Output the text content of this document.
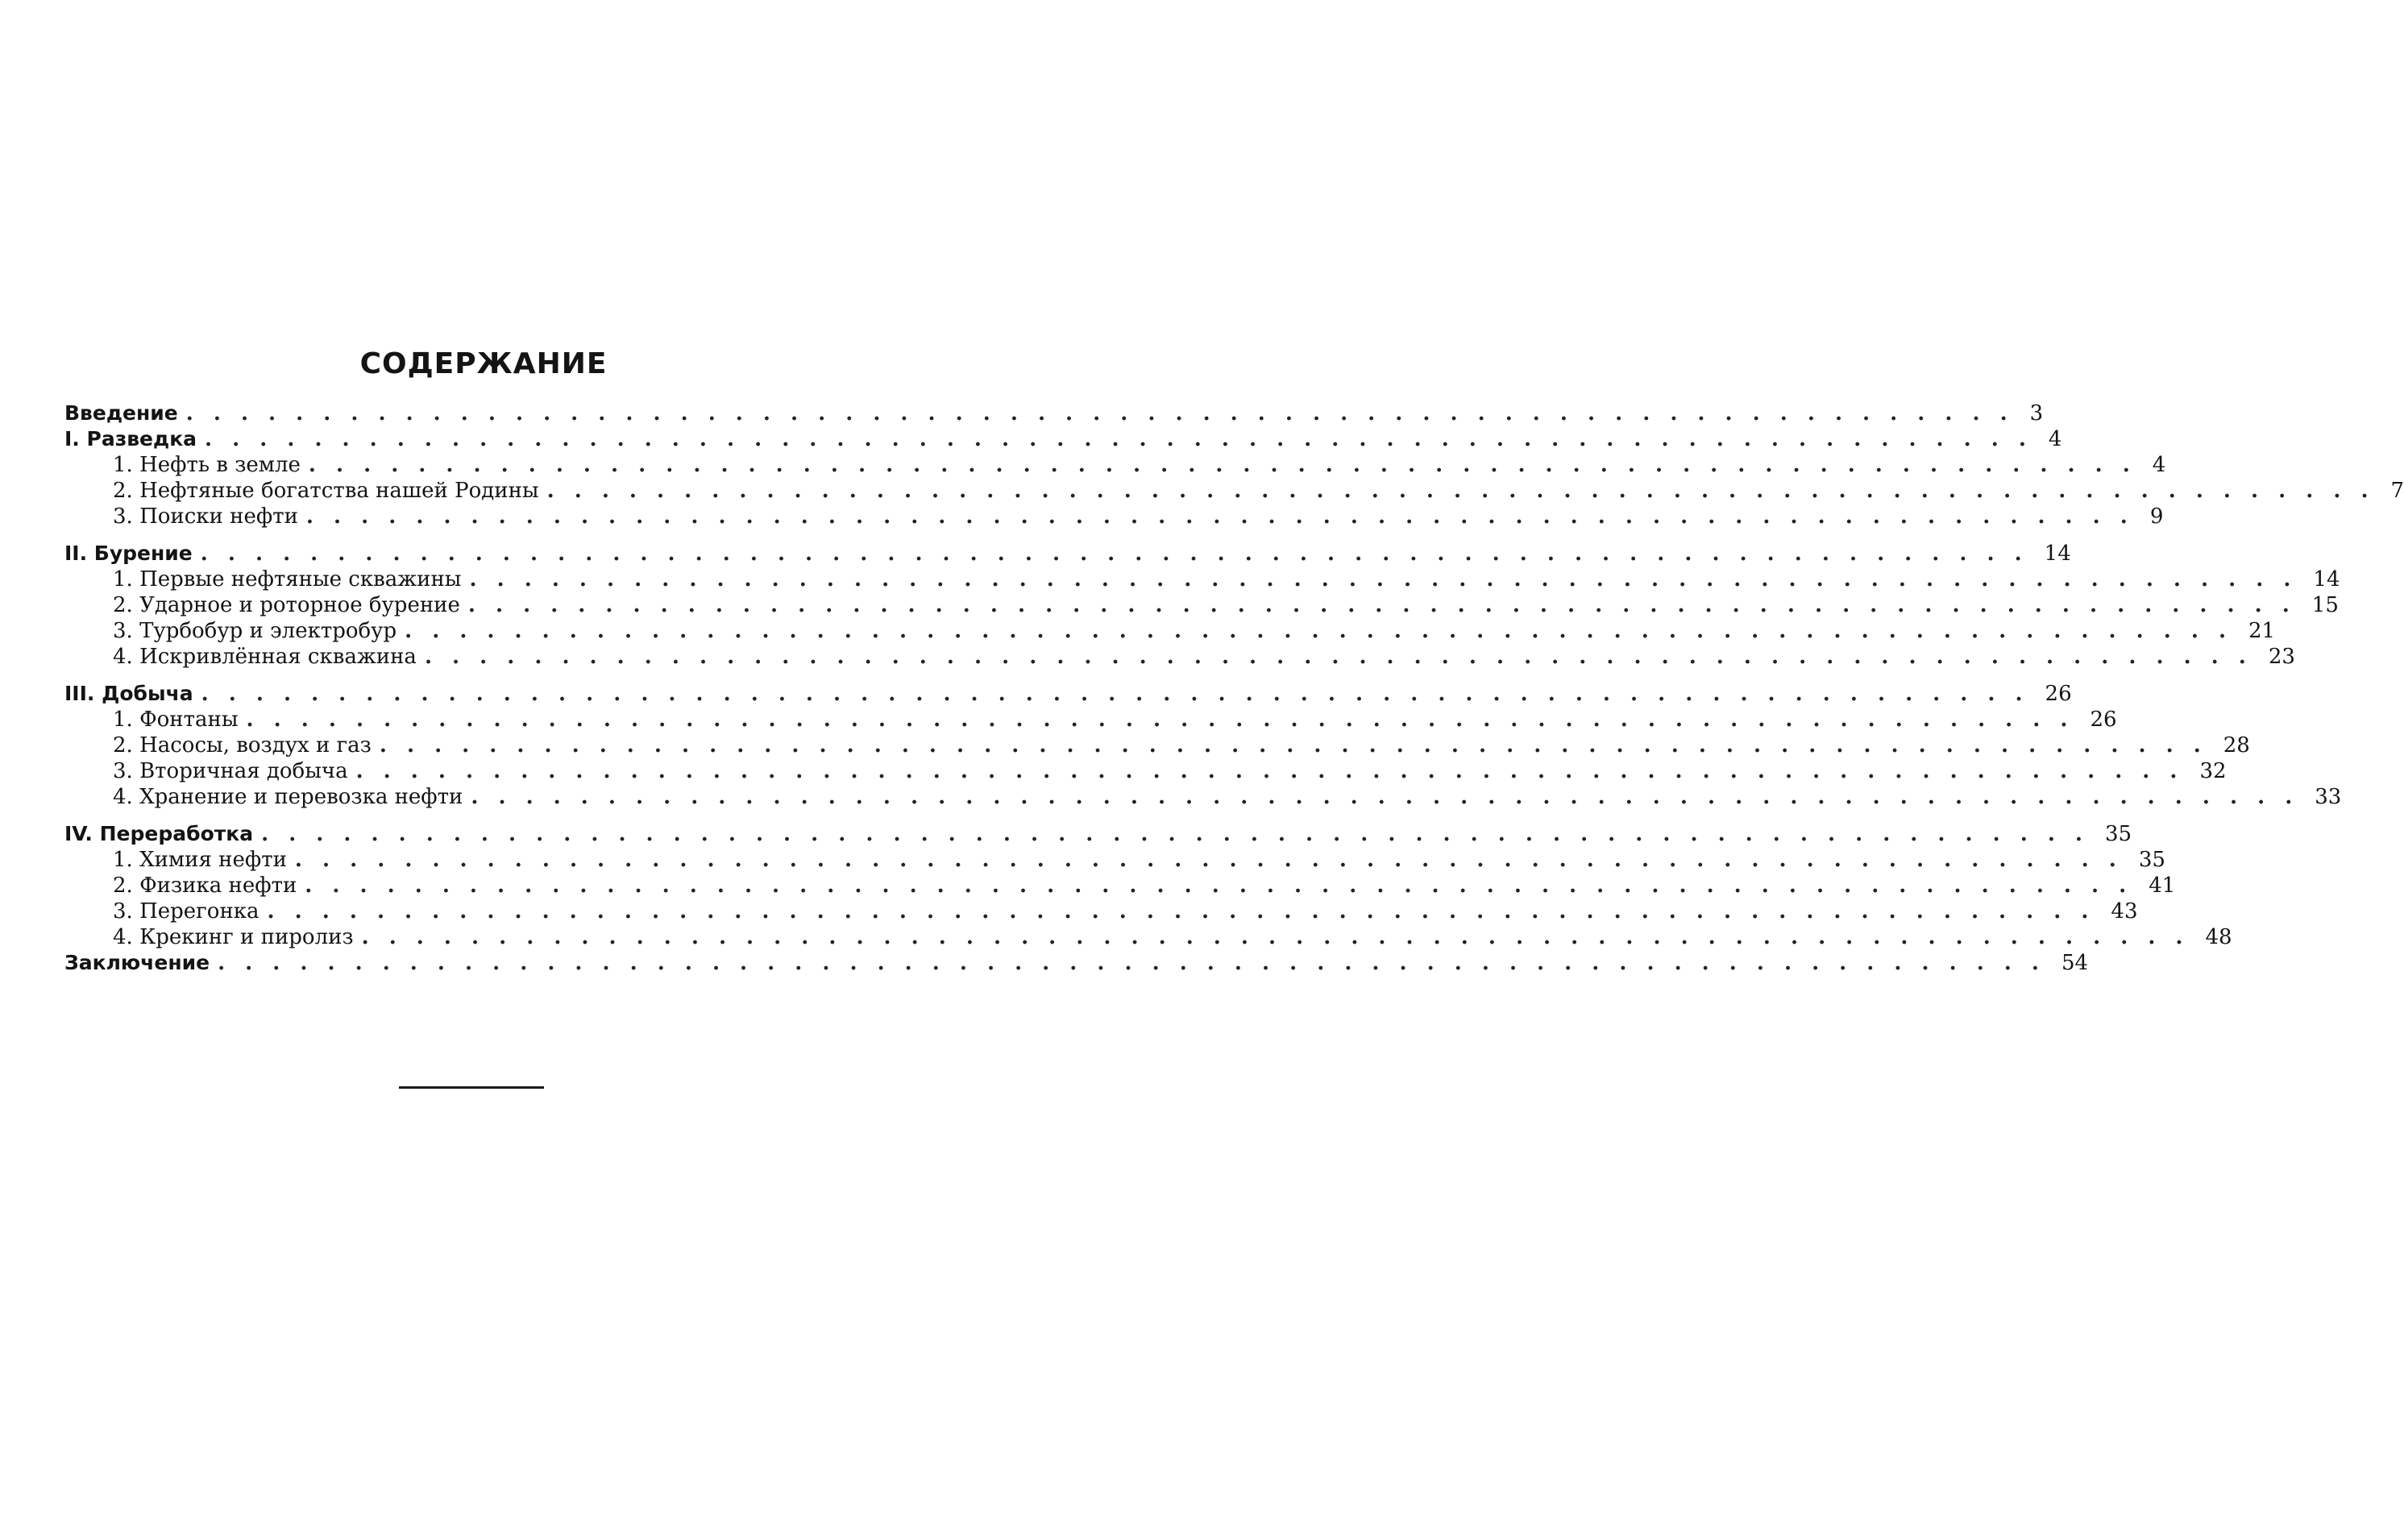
СОДЕРЖАНИЕ
Введение . . . . . . . . . . . . . . . . . . . . . . . . . . . . . . . . . . . . . . . . . . . . . . . . . . . . . . . . . . . . . . . . . . . 3
I. Разведка . . . . . . . . . . . . . . . . . . . . . . . . . . . . . . . . . . . . . . . . . . . . . . . . . . . . . . . . . . . . . . . . . . . 4
1. Нефть в земле . . . . . . . . . . . . . . . . . . . . . . . . . . . . . . . . . . . . . . . . . . . . . . . . . . . . . . . . . . . . . . . . . . . 4
2. Нефтяные богатства нашей Родины . . . . . . . . . . . . . . . . . . . . . . . . . . . . . . . . . . . . . . . . . . . . . . . . . . . . . . . . . . . . . . . . . . . 7
3. Поиски нефти . . . . . . . . . . . . . . . . . . . . . . . . . . . . . . . . . . . . . . . . . . . . . . . . . . . . . . . . . . . . . . . . . . . 9
II. Бурение . . . . . . . . . . . . . . . . . . . . . . . . . . . . . . . . . . . . . . . . . . . . . . . . . . . . . . . . . . . . . . . . . . . 14
1. Первые нефтяные скважины . . . . . . . . . . . . . . . . . . . . . . . . . . . . . . . . . . . . . . . . . . . . . . . . . . . . . . . . . . . . . . . . . . . 14
2. Ударное и роторное бурение . . . . . . . . . . . . . . . . . . . . . . . . . . . . . . . . . . . . . . . . . . . . . . . . . . . . . . . . . . . . . . . . . . . 15
3. Турбобур и электробур . . . . . . . . . . . . . . . . . . . . . . . . . . . . . . . . . . . . . . . . . . . . . . . . . . . . . . . . . . . . . . . . . . . 21
4. Искривлённая скважина . . . . . . . . . . . . . . . . . . . . . . . . . . . . . . . . . . . . . . . . . . . . . . . . . . . . . . . . . . . . . . . . . . . 23
III. Добыча . . . . . . . . . . . . . . . . . . . . . . . . . . . . . . . . . . . . . . . . . . . . . . . . . . . . . . . . . . . . . . . . . . . 26
1. Фонтаны . . . . . . . . . . . . . . . . . . . . . . . . . . . . . . . . . . . . . . . . . . . . . . . . . . . . . . . . . . . . . . . . . . . 26
2. Насосы, воздух и газ . . . . . . . . . . . . . . . . . . . . . . . . . . . . . . . . . . . . . . . . . . . . . . . . . . . . . . . . . . . . . . . . . . . 28
3. Вторичная добыча . . . . . . . . . . . . . . . . . . . . . . . . . . . . . . . . . . . . . . . . . . . . . . . . . . . . . . . . . . . . . . . . . . . 32
4. Хранение и перевозка нефти . . . . . . . . . . . . . . . . . . . . . . . . . . . . . . . . . . . . . . . . . . . . . . . . . . . . . . . . . . . . . . . . . . . 33
IV. Переработка . . . . . . . . . . . . . . . . . . . . . . . . . . . . . . . . . . . . . . . . . . . . . . . . . . . . . . . . . . . . . . . . . . . 35
1. Химия нефти . . . . . . . . . . . . . . . . . . . . . . . . . . . . . . . . . . . . . . . . . . . . . . . . . . . . . . . . . . . . . . . . . . . 35
2. Физика нефти . . . . . . . . . . . . . . . . . . . . . . . . . . . . . . . . . . . . . . . . . . . . . . . . . . . . . . . . . . . . . . . . . . . 41
3. Перегонка . . . . . . . . . . . . . . . . . . . . . . . . . . . . . . . . . . . . . . . . . . . . . . . . . . . . . . . . . . . . . . . . . . . 43
4. Крекинг и пиролиз . . . . . . . . . . . . . . . . . . . . . . . . . . . . . . . . . . . . . . . . . . . . . . . . . . . . . . . . . . . . . . . . . . . 48
Заключение . . . . . . . . . . . . . . . . . . . . . . . . . . . . . . . . . . . . . . . . . . . . . . . . . . . . . . . . . . . . . . . . . . . 54
